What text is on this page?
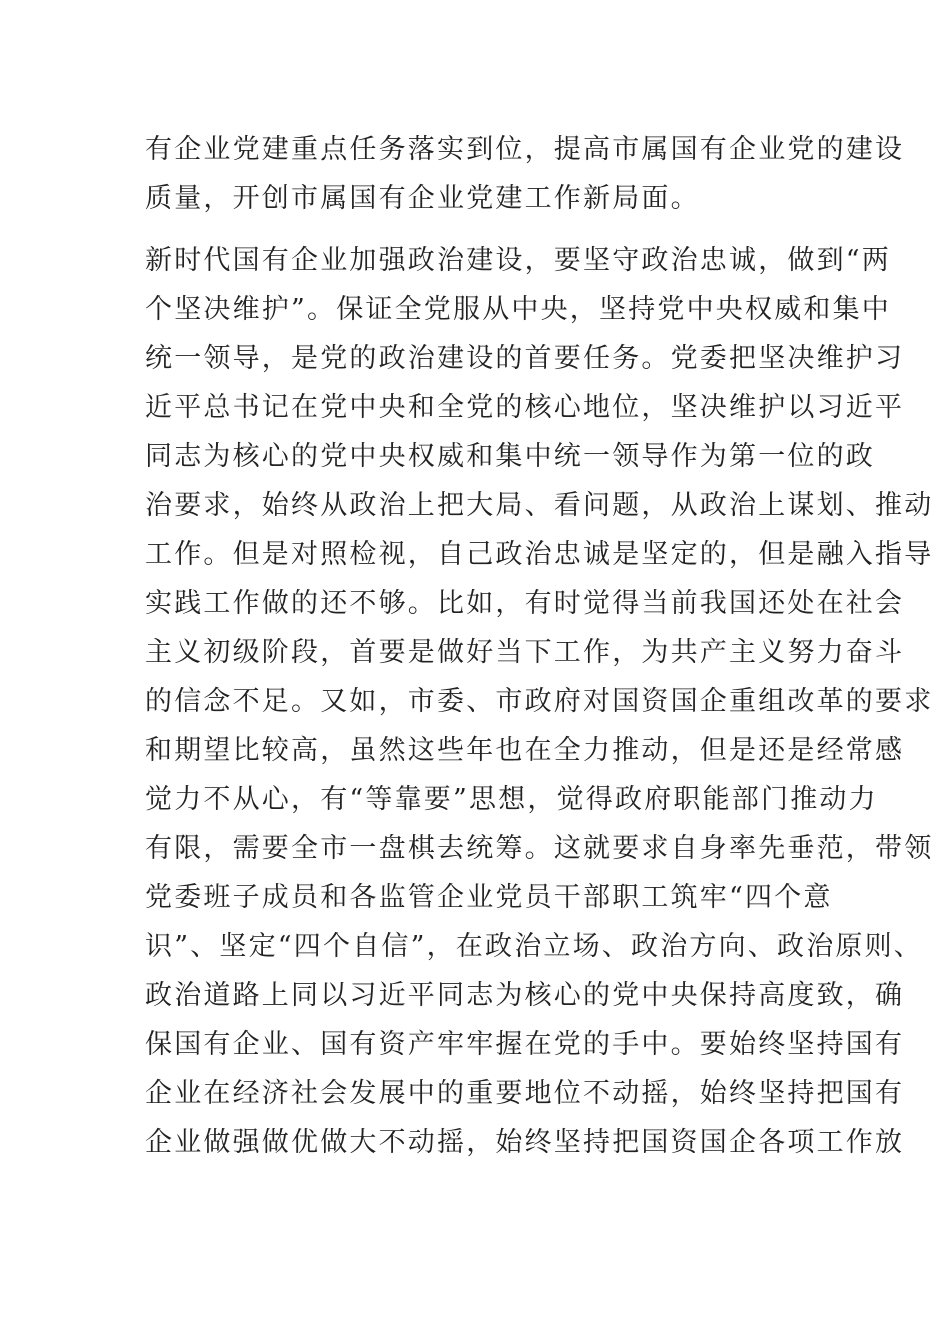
有企业党建重点任务落实到位，提高市属国有企业党的建设
质量，开创市属国有企业党建工作新局面。
新时代国有企业加强政治建设，要坚守政治忠诚，做到“两
个坚决维护”。保证全党服从中央，坚持党中央权威和集中
统一领导，是党的政治建设的首要任务。党委把坚决维护习
近平总书记在党中央和全党的核心地位，坚决维护以习近平
同志为核心的党中央权威和集中统一领导作为第一位的政
治要求，始终从政治上把大局、看问题，从政治上谋划、推动
工作。但是对照检视，自己政治忠诚是坚定的，但是融入指导
实践工作做的还不够。比如，有时觉得当前我国还处在社会
主义初级阶段，首要是做好当下工作，为共产主义努力奋斗
的信念不足。又如，市委、市政府对国资国企重组改革的要求
和期望比较高，虽然这些年也在全力推动，但是还是经常感
觉力不从心，有“等靠要”思想，觉得政府职能部门推动力
有限，需要全市一盘棋去统筹。这就要求自身率先垂范，带领
党委班子成员和各监管企业党员干部职工筑牢“四个意
识”、坚定“四个自信”，在政治立场、政治方向、政治原则、
政治道路上同以习近平同志为核心的党中央保持高度致，确
保国有企业、国有资产牢牢握在党的手中。要始终坚持国有
企业在经济社会发展中的重要地位不动摇，始终坚持把国有
企业做强做优做大不动摇，始终坚持把国资国企各项工作放
